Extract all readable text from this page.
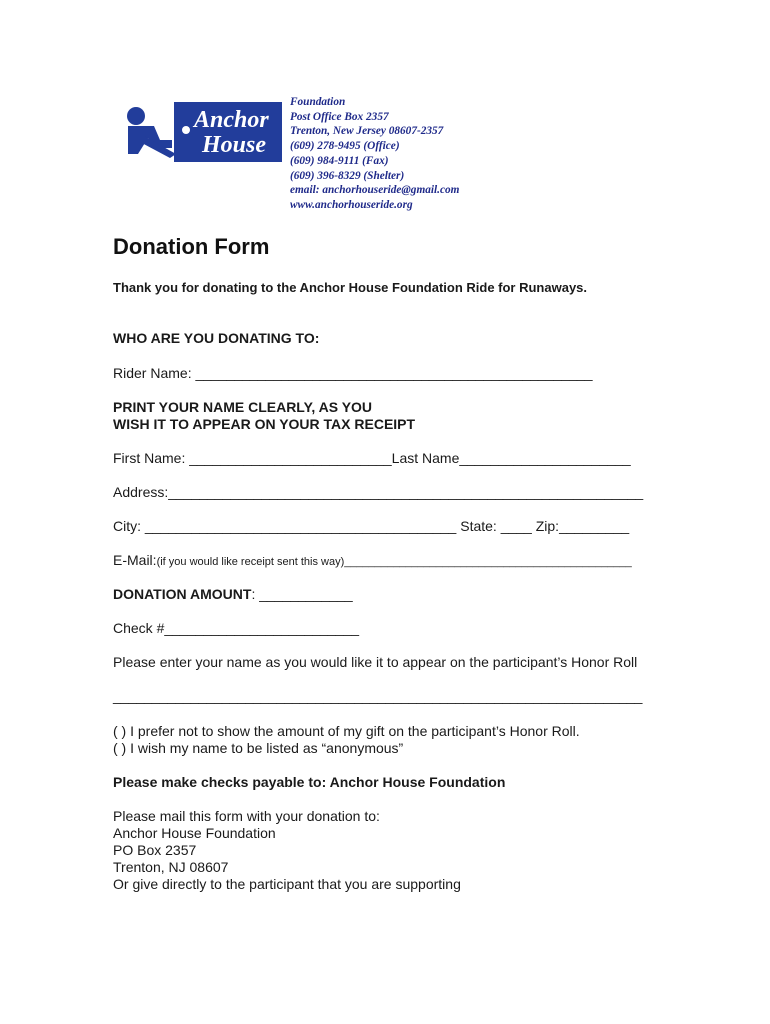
Anchor
House
Foundation
Post Office Box 2357
Trenton, New Jersey 08607-2357
(609) 278-9495 (Office)
(609) 984-9111 (Fax)
(609) 396-8329 (Shelter)
email: anchorhouseride@gmail.com
www.anchorhouseride.org
Donation Form
Thank you for donating to the Anchor House Foundation Ride for Runaways.
WHO ARE YOU DONATING TO:
Rider Name: ___________________________________________________
PRINT YOUR NAME CLEARLY, AS YOU
WISH IT TO APPEAR ON YOUR TAX RECEIPT
First Name: __________________________Last Name______________________
Address:_____________________________________________________________
City: ________________________________________ State: ____ Zip:_________
E-Mail:(if you would like receipt sent this way)_______________________________________________
DONATION AMOUNT: ____________
Check #_________________________
Please enter your name as you would like it to appear on the participant’s Honor Roll
____________________________________________________________________
( ) I prefer not to show the amount of my gift on the participant’s Honor Roll.
( ) I wish my name to be listed as “anonymous”
Please make checks payable to: Anchor House Foundation
Please mail this form with your donation to:
Anchor House Foundation
PO Box 2357
Trenton, NJ 08607
Or give directly to the participant that you are supporting
